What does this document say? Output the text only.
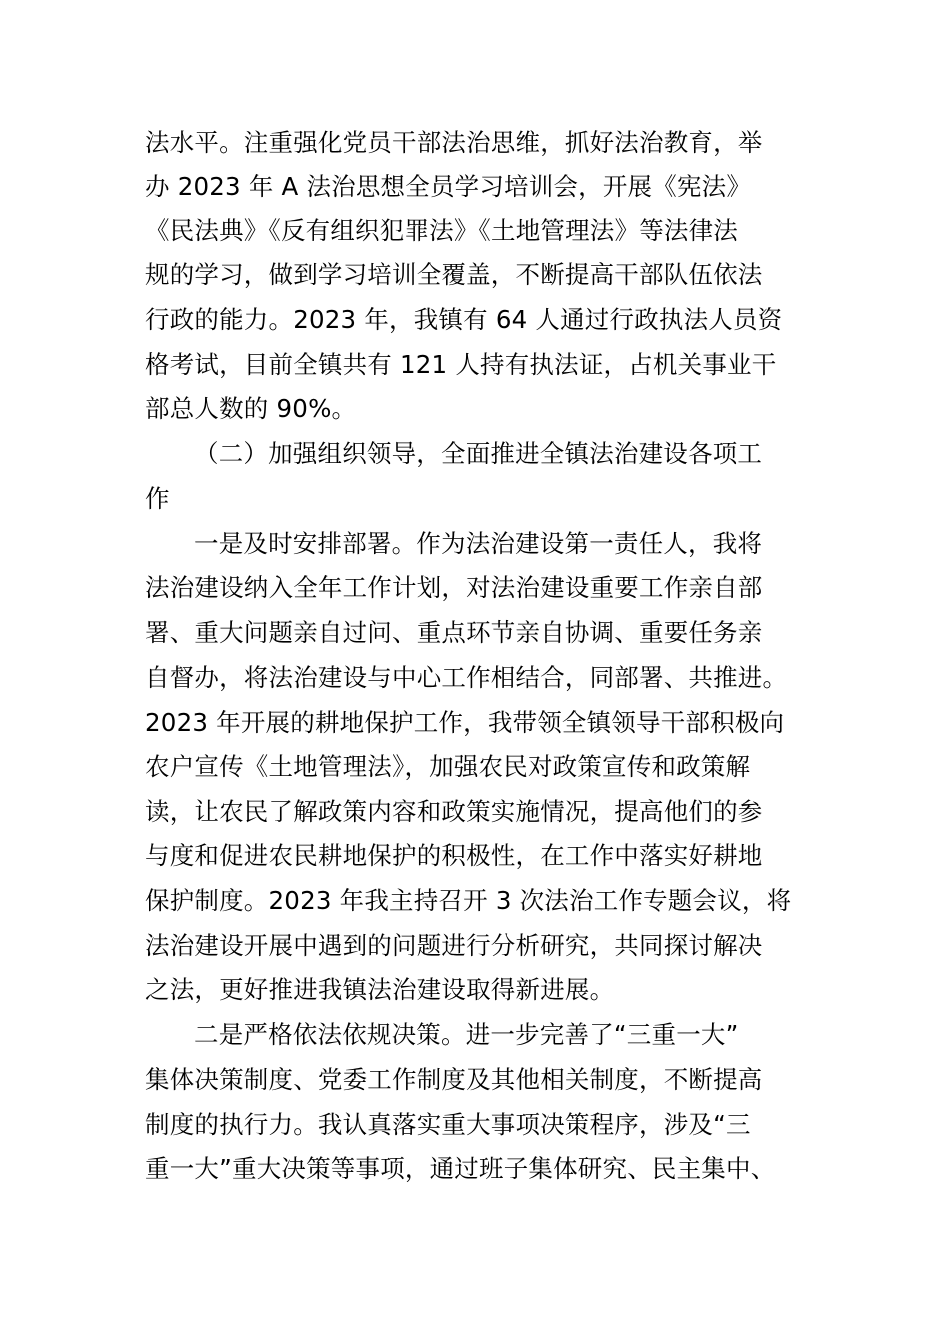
法水平。注重强化党员干部法治思维，抓好法治教育，举
办 2023 年 A 法治思想全员学习培训会，开展《宪法》
《民法典》《反有组织犯罪法》《土地管理法》等法律法
规的学习，做到学习培训全覆盖，不断提高干部队伍依法
行政的能力。2023 年，我镇有 64 人通过行政执法人员资
格考试，目前全镇共有 121 人持有执法证，占机关事业干
部总人数的 90%。
（二）加强组织领导，全面推进全镇法治建设各项工
作
一是及时安排部署。作为法治建设第一责任人，我将
法治建设纳入全年工作计划，对法治建设重要工作亲自部
署、重大问题亲自过问、重点环节亲自协调、重要任务亲
自督办，将法治建设与中心工作相结合，同部署、共推进。
2023 年开展的耕地保护工作，我带领全镇领导干部积极向
农户宣传《土地管理法》，加强农民对政策宣传和政策解
读，让农民了解政策内容和政策实施情况，提高他们的参
与度和促进农民耕地保护的积极性，在工作中落实好耕地
保护制度。2023 年我主持召开 3 次法治工作专题会议，将
法治建设开展中遇到的问题进行分析研究，共同探讨解决
之法，更好推进我镇法治建设取得新进展。
二是严格依法依规决策。进一步完善了“三重一大”
集体决策制度、党委工作制度及其他相关制度，不断提高
制度的执行力。我认真落实重大事项决策程序，涉及“三
重一大”重大决策等事项，通过班子集体研究、民主集中、
